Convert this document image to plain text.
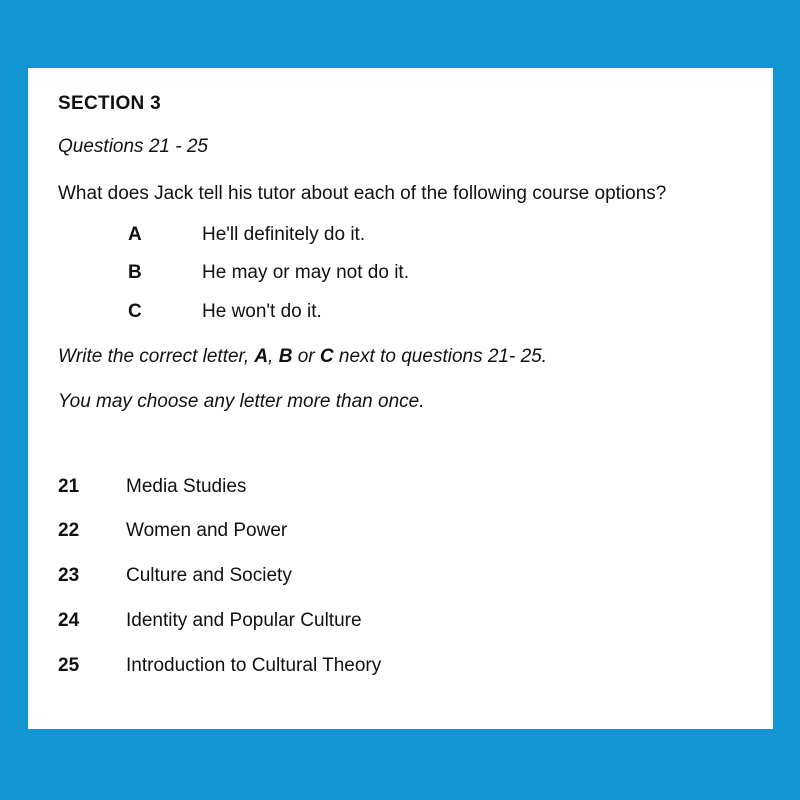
SECTION 3

Questions 21 - 25

What does Jack tell his tutor about each of the following course options?

A	He'll definitely do it.
B	He may or may not do it.
C	He won't do it.

Write the correct letter, A, B or C next to questions 21- 25.

You may choose any letter more than once.

21	Media Studies
22	Women and Power
23	Culture and Society
24	Identity and Popular Culture
25	Introduction to Cultural Theory
